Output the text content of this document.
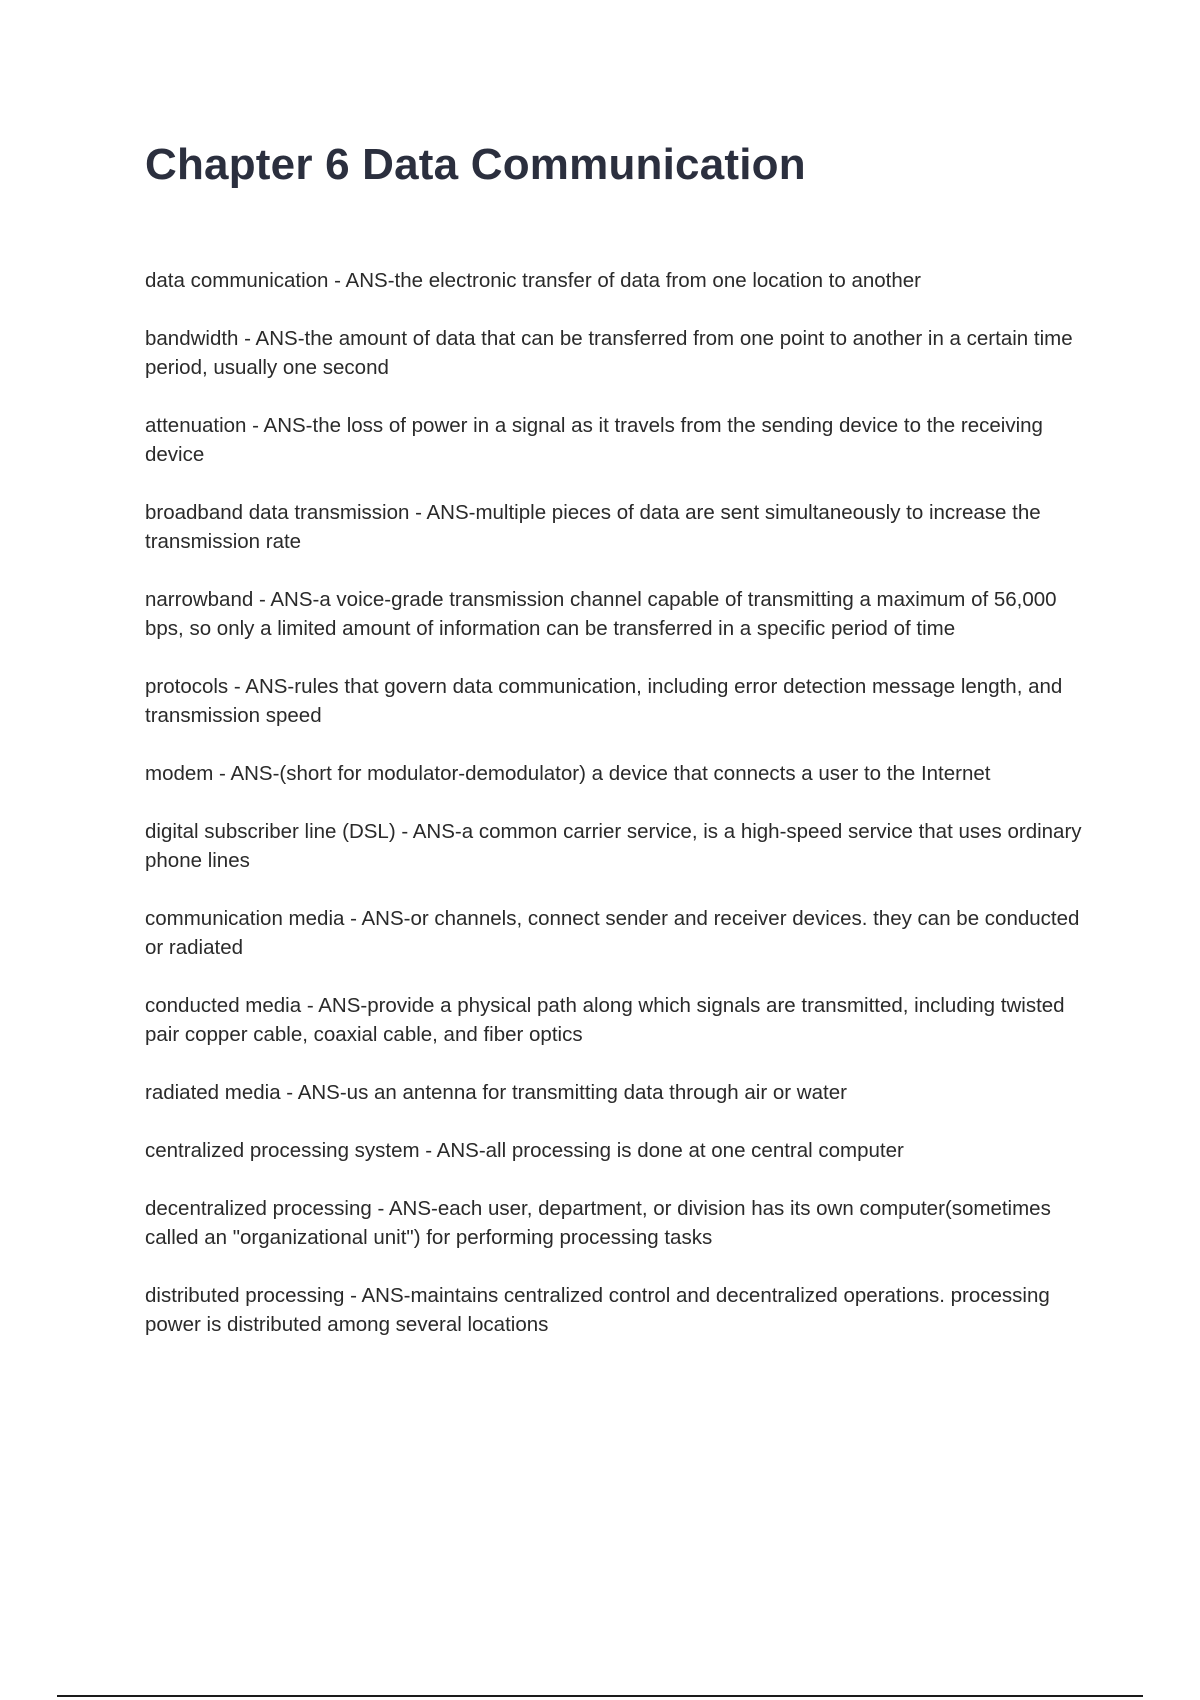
Chapter 6 Data Communication

data communication - ANS-the electronic transfer of data from one location to another

bandwidth - ANS-the amount of data that can be transferred from one point to another in a certain time period, usually one second

attenuation - ANS-the loss of power in a signal as it travels from the sending device to the receiving device

broadband data transmission - ANS-multiple pieces of data are sent simultaneously to increase the transmission rate

narrowband - ANS-a voice-grade transmission channel capable of transmitting a maximum of 56,000 bps, so only a limited amount of information can be transferred in a specific period of time

protocols - ANS-rules that govern data communication, including error detection message length, and transmission speed

modem - ANS-(short for modulator-demodulator) a device that connects a user to the Internet

digital subscriber line (DSL) - ANS-a common carrier service, is a high-speed service that uses ordinary phone lines

communication media - ANS-or channels, connect sender and receiver devices. they can be conducted or radiated

conducted media - ANS-provide a physical path along which signals are transmitted, including twisted pair copper cable, coaxial cable, and fiber optics

radiated media - ANS-us an antenna for transmitting data through air or water

centralized processing system - ANS-all processing is done at one central computer

decentralized processing - ANS-each user, department, or division has its own computer(sometimes called an "organizational unit") for performing processing tasks

distributed processing - ANS-maintains centralized control and decentralized operations. processing power is distributed among several locations
